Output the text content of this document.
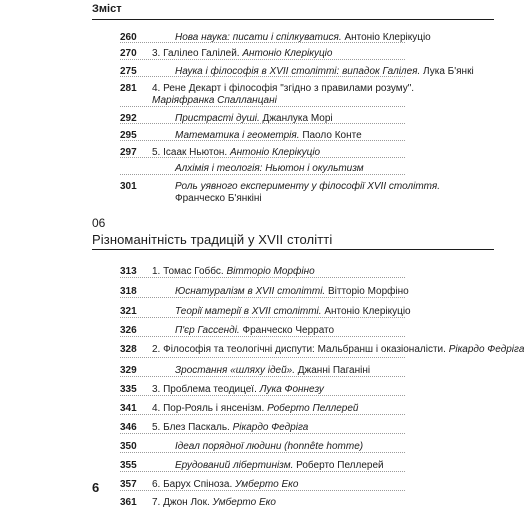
Зміст
260	Нова наука: писати і спілкуватися. Антоніо Клерікуціо
270	3. Галілео Галілей. Антоніо Клерікуціо
275	Наука і філософія в XVII столітті: випадок Галілея. Лука Б'янкі
281	4. Рене Декарт і філософія "згідно з правилами розуму". Маріяфранка Спалланцані
292	Пристрасті душі. Джанлука Морі
295	Математика і геометрія. Паоло Конте
297	5. Ісаак Ньютон. Антоніо Клерікуціо
Алхімія і теологія: Ньютон і окультизм
301	Роль уявного експерименту у філософії XVII століття. Франческо Б'янкіні
06
Різноманітність традицій у XVII столітті
313	1. Томас Гоббс. Вітторіо Морфіно
318	Юснатуралізм в XVII столітті. Вітторіо Морфіно
321	Теорії матерії в XVII столітті. Антоніо Клерікуціо
326	П'єр Гассенді. Франческо Черрато
328	2. Філософія та теологічні диспути: Мальбранш і оказіоналісти. Рікардо Федріга
329	Зростання «шляху ідей». Джанні Паганіні
335	3. Проблема теодицеї. Лука Фоннезу
341	4. Пор-Рояль і янсенізм. Роберто Пеллерей
346	5. Блез Паскаль. Рікардо Федріга
350	Ідеал порядної людини (honnête homme)
355	Ерудований лібертинізм. Роберто Пеллерей
357	6. Барух Спіноза. Умберто Еко
361	7. Джон Лок. Умберто Еко
6
